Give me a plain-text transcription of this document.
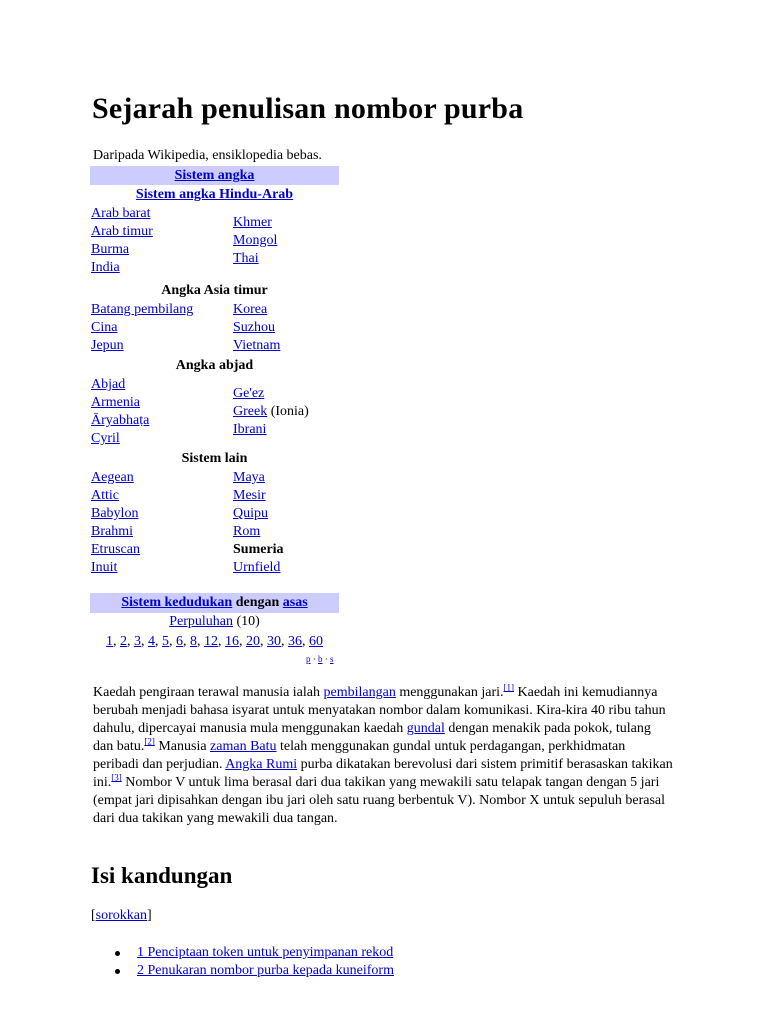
Sejarah penulisan nombor purba
Daripada Wikipedia, ensiklopedia bebas.
Sistem angka
Sistem angka Hindu-Arab
Arab barat
Arab timur
Burma
India
Khmer
Mongol
Thai
Angka Asia timur
Batang pembilang
Cina
Jepun
Korea
Suzhou
Vietnam
Angka abjad
Abjad
Armenia
Āryabhaṭa
Cyril
Ge'ez
Greek (Ionia)
Ibrani
Sistem lain
Aegean
Attic
Babylon
Brahmi
Etruscan
Inuit
Maya
Mesir
Quipu
Rom
Sumeria
Urnfield
Sistem kedudukan dengan asas
Perpuluhan (10)
1, 2, 3, 4, 5, 6, 8, 12, 16, 20, 30, 36, 60
p · b · s
Kaedah pengiraan terawal manusia ialah pembilangan menggunakan jari.[1] Kaedah ini kemudiannya berubah menjadi bahasa isyarat untuk menyatakan nombor dalam komunikasi. Kira-kira 40 ribu tahun dahulu, dipercayai manusia mula menggunakan kaedah gundal dengan menakik pada pokok, tulang dan batu.[2] Manusia zaman Batu telah menggunakan gundal untuk perdagangan, perkhidmatan peribadi dan perjudian. Angka Rumi purba dikatakan berevolusi dari sistem primitif berasaskan takikan ini.[3] Nombor V untuk lima berasal dari dua takikan yang mewakili satu telapak tangan dengan 5 jari (empat jari dipisahkan dengan ibu jari oleh satu ruang berbentuk V). Nombor X untuk sepuluh berasal dari dua takikan yang mewakili dua tangan.
Isi kandungan
[sorokkan]
1 Penciptaan token untuk penyimpanan rekod
2 Penukaran nombor purba kepada kuneiform
